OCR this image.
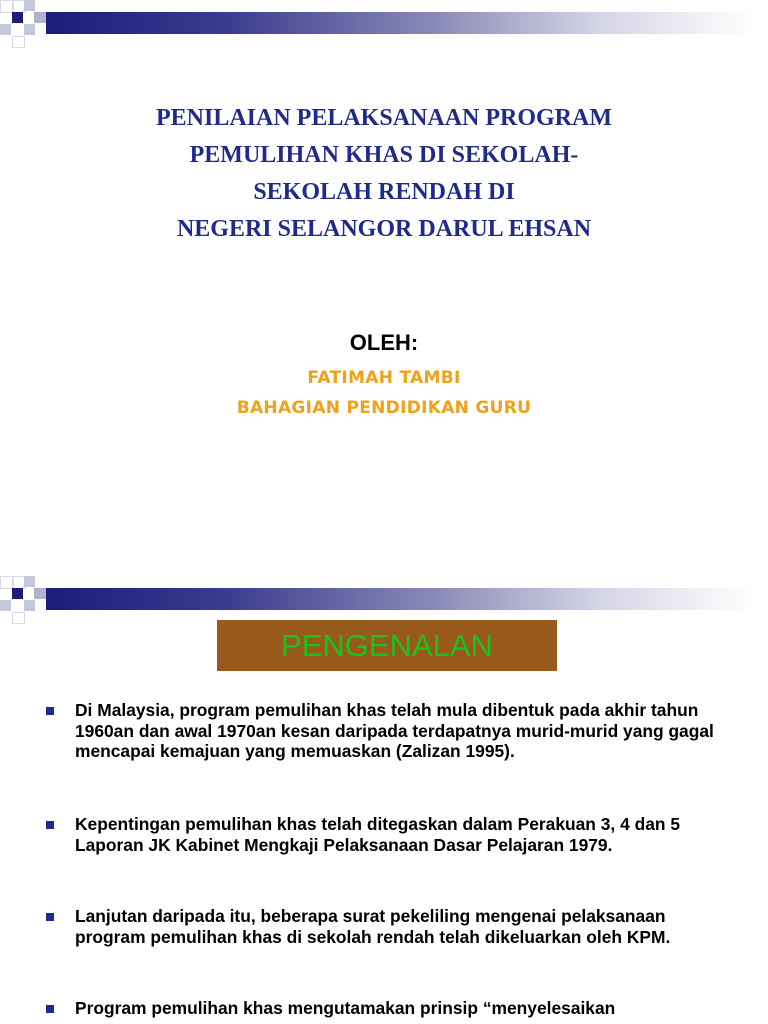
PENILAIAN PELAKSANAAN PROGRAM
PEMULIHAN KHAS DI SEKOLAH-
SEKOLAH RENDAH DI
NEGERI SELANGOR DARUL EHSAN
OLEH:
FATIMAH TAMBI
BAHAGIAN PENDIDIKAN GURU
PENGENALAN
Di Malaysia, program pemulihan khas telah mula dibentuk pada akhir tahun 1960an dan awal 1970an kesan daripada terdapatnya murid-murid yang gagal mencapai kemajuan yang memuaskan (Zalizan 1995).
Kepentingan pemulihan khas telah ditegaskan dalam Perakuan 3, 4 dan 5 Laporan JK Kabinet Mengkaji Pelaksanaan Dasar Pelajaran 1979.
Lanjutan daripada itu, beberapa surat pekeliling mengenai pelaksanaan program pemulihan khas di sekolah rendah telah dikeluarkan oleh KPM.
Program pemulihan khas mengutamakan prinsip “menyelesaikan
